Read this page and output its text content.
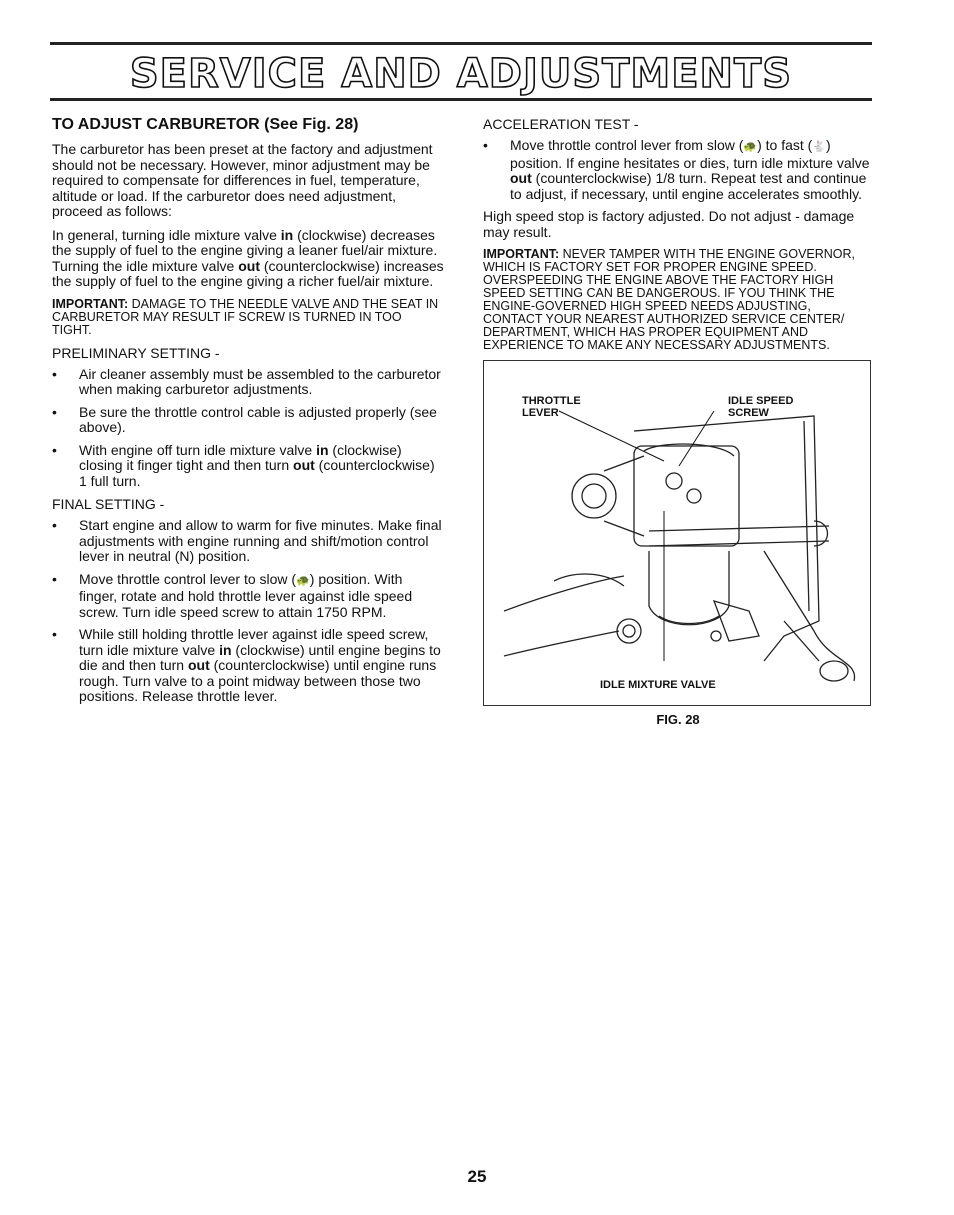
SERVICE AND ADJUSTMENTS
TO ADJUST CARBURETOR (See Fig. 28)

The carburetor has been preset at the factory and adjustment should not be necessary. However, minor adjustment may be required to compensate for differences in fuel, temperature, altitude or load. If the carburetor does need adjustment, proceed as follows:

In general, turning idle mixture valve in (clockwise) decreases the supply of fuel to the engine giving a leaner fuel/air mixture. Turning the idle mixture valve out (counterclockwise) increases the supply of fuel to the engine giving a richer fuel/air mixture.

IMPORTANT: DAMAGE TO THE NEEDLE VALVE AND THE SEAT IN CARBURETOR MAY RESULT IF SCREW IS TURNED IN TOO TIGHT.

PRELIMINARY SETTING -
• Air cleaner assembly must be assembled to the carburetor when making carburetor adjustments.
• Be sure the throttle control cable is adjusted properly (see above).
• With engine off turn idle mixture valve in (clockwise) closing it finger tight and then turn out (counterclockwise) 1 full turn.
FINAL SETTING -
• Start engine and allow to warm for five minutes. Make final adjustments with engine running and shift/motion control lever in neutral (N) position.
• Move throttle control lever to slow (🐢) position. With finger, rotate and hold throttle lever against idle speed screw. Turn idle speed screw to attain 1750 RPM.
• While still holding throttle lever against idle speed screw, turn idle mixture valve in (clockwise) until engine begins to die and then turn out (counterclockwise) until engine runs rough. Turn valve to a point midway between those two positions. Release throttle lever.
ACCELERATION TEST -
• Move throttle control lever from slow (🐢) to fast (🐇) position. If engine hesitates or dies, turn idle mixture valve out (counterclockwise) 1/8 turn. Repeat test and continue to adjust, if necessary, until engine accelerates smoothly.

High speed stop is factory adjusted. Do not adjust - damage may result.

IMPORTANT: NEVER TAMPER WITH THE ENGINE GOVERNOR, WHICH IS FACTORY SET FOR PROPER ENGINE SPEED. OVERSPEEDING THE ENGINE ABOVE THE FACTORY HIGH SPEED SETTING CAN BE DANGEROUS. IF YOU THINK THE ENGINE-GOVERNED HIGH SPEED NEEDS ADJUSTING, CONTACT YOUR NEAREST AUTHORIZED SERVICE CENTER/ DEPARTMENT, WHICH HAS PROPER EQUIPMENT AND EXPERIENCE TO MAKE ANY NECESSARY ADJUSTMENTS.

THROTTLE
LEVER
IDLE SPEED
SCREW
IDLE MIXTURE VALVE
FIG. 28
25
